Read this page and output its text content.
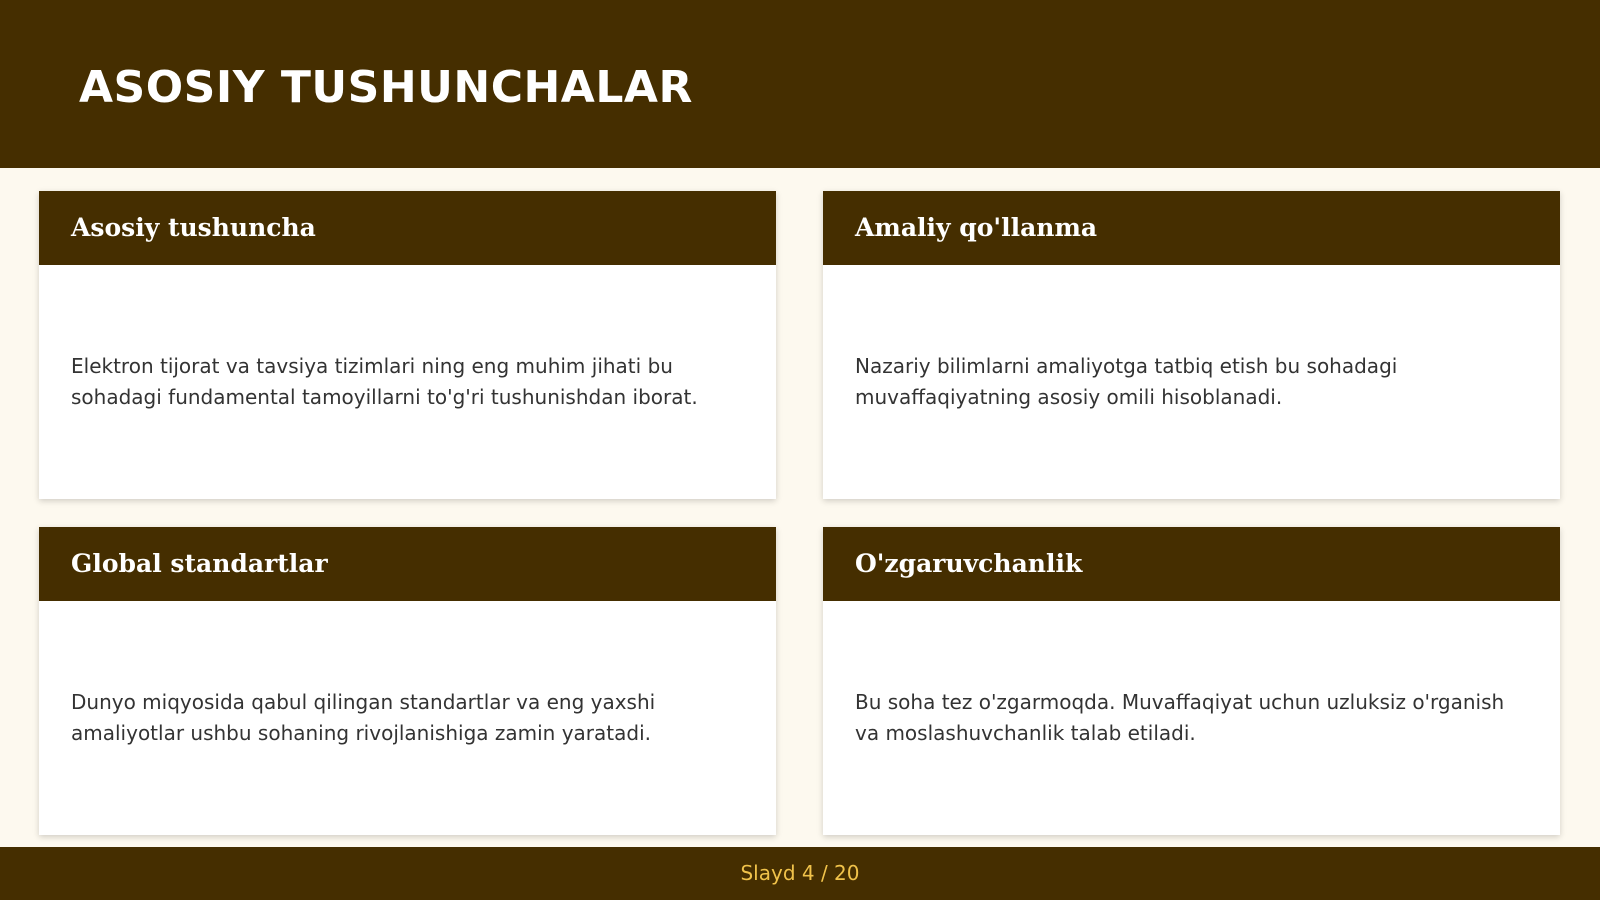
ASOSIY TUSHUNCHALAR
Asosiy tushuncha
Elektron tijorat va tavsiya tizimlari ning eng muhim jihati bu sohadagi fundamental tamoyillarni to'g'ri tushunishdan iborat.
Amaliy qo'llanma
Nazariy bilimlarni amaliyotga tatbiq etish bu sohadagi muvaffaqiyatning asosiy omili hisoblanadi.
Global standartlar
Dunyo miqyosida qabul qilingan standartlar va eng yaxshi amaliyotlar ushbu sohaning rivojlanishiga zamin yaratadi.
O'zgaruvchanlik
Bu soha tez o'zgarmoqda. Muvaffaqiyat uchun uzluksiz o'rganish va moslashuvchanlik talab etiladi.
Slayd 4 / 20
